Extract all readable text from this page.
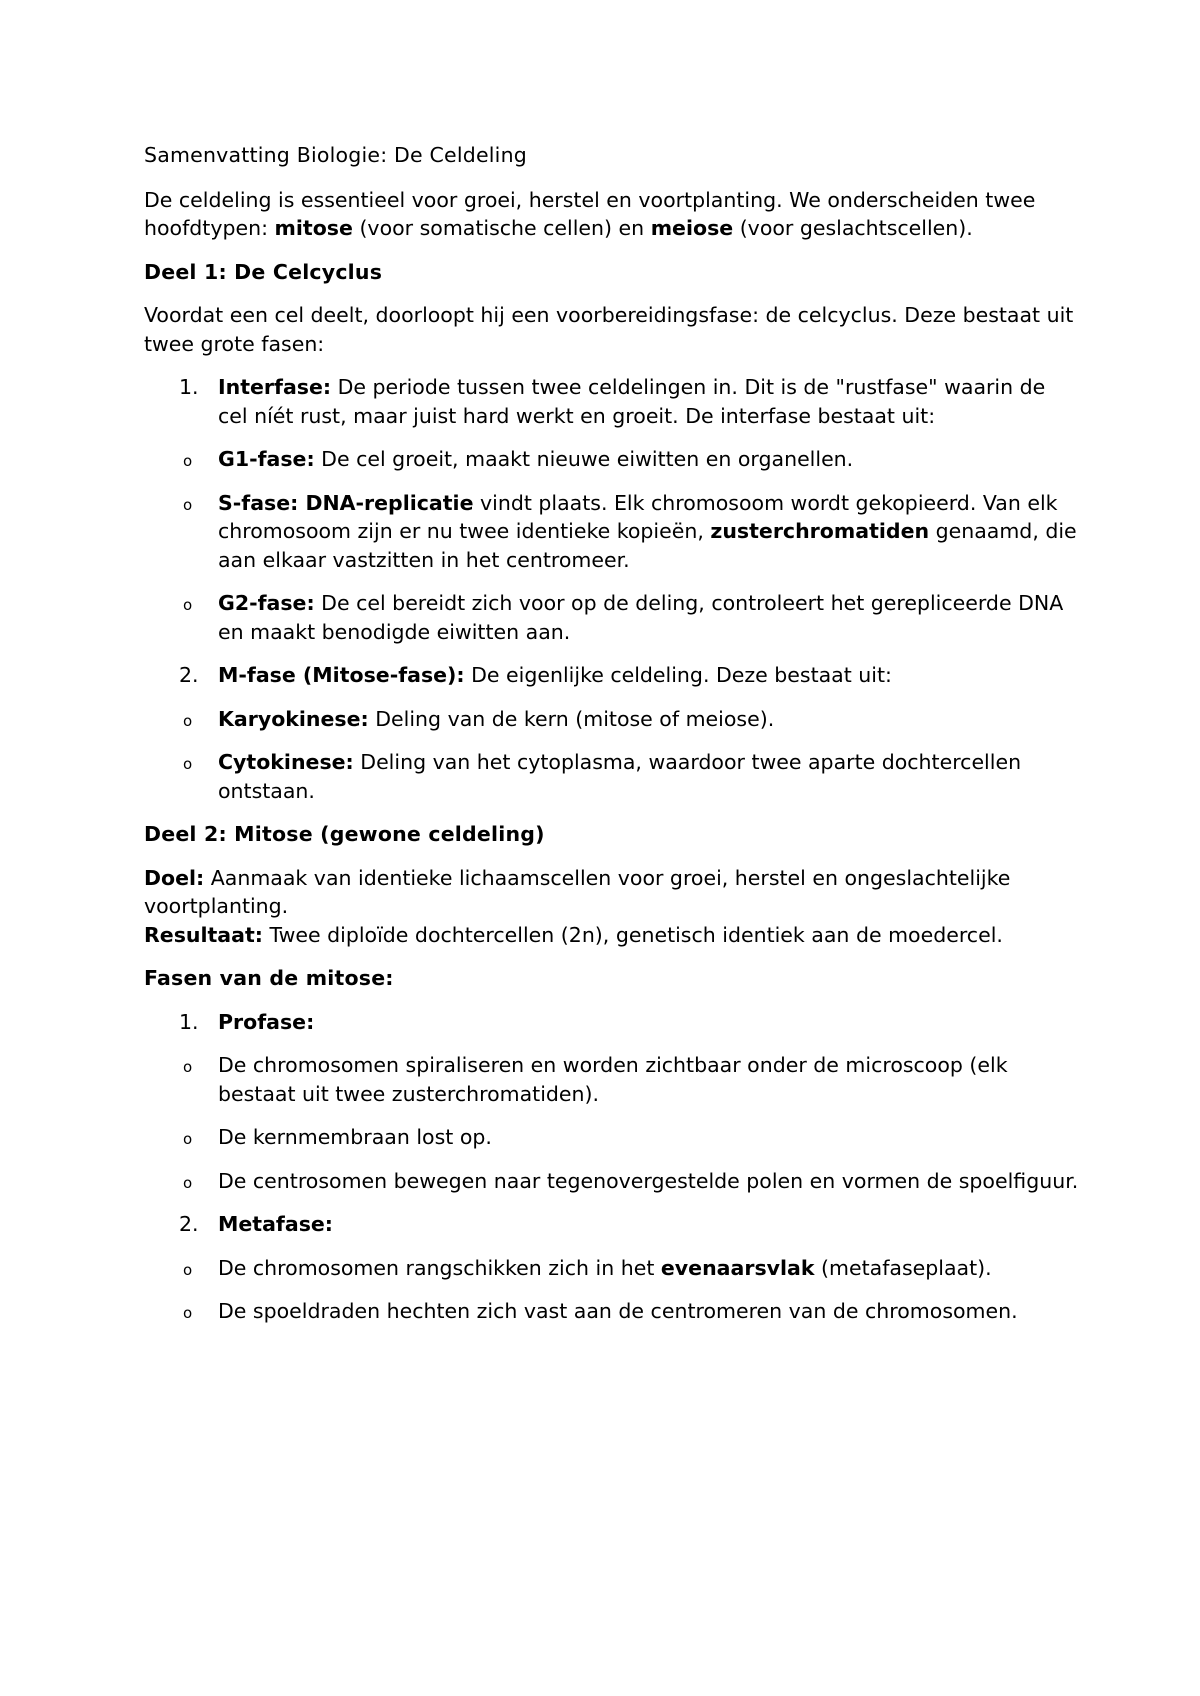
Samenvatting Biologie: De Celdeling

De celdeling is essentieel voor groei, herstel en voortplanting. We onderscheiden twee hoofdtypen: mitose (voor somatische cellen) en meiose (voor geslachtscellen).

Deel 1: De Celcyclus

Voordat een cel deelt, doorloopt hij een voorbereidingsfase: de celcyclus. Deze bestaat uit twee grote fasen:

1. Interfase: De periode tussen twee celdelingen in. Dit is de "rustfase" waarin de cel níét rust, maar juist hard werkt en groeit. De interfase bestaat uit:

o G1-fase: De cel groeit, maakt nieuwe eiwitten en organellen.
o S-fase: DNA-replicatie vindt plaats. Elk chromosoom wordt gekopieerd. Van elk chromosoom zijn er nu twee identieke kopieën, zusterchromatiden genaamd, die aan elkaar vastzitten in het centromeer.
o G2-fase: De cel bereidt zich voor op de deling, controleert het gerepliceerde DNA en maakt benodigde eiwitten aan.
2. M-fase (Mitose-fase): De eigenlijke celdeling. Deze bestaat uit:

o Karyokinese: Deling van de kern (mitose of meiose).
o Cytokinese: Deling van het cytoplasma, waardoor twee aparte dochtercellen ontstaan.

Deel 2: Mitose (gewone celdeling)

Doel: Aanmaak van identieke lichaamscellen voor groei, herstel en ongeslachtelijke voortplanting.
Resultaat: Twee diploïde dochtercellen (2n), genetisch identiek aan de moedercel.

Fasen van de mitose:

1. Profase:

o De chromosomen spiraliseren en worden zichtbaar onder de microscoop (elk bestaat uit twee zusterchromatiden).
o De kernmembraan lost op.
o De centrosomen bewegen naar tegenovergestelde polen en vormen de spoelfiguur.
2. Metafase:

o De chromosomen rangschikken zich in het evenaarsvlak (metafaseplaat).
o De spoeldraden hechten zich vast aan de centromeren van de chromosomen.
